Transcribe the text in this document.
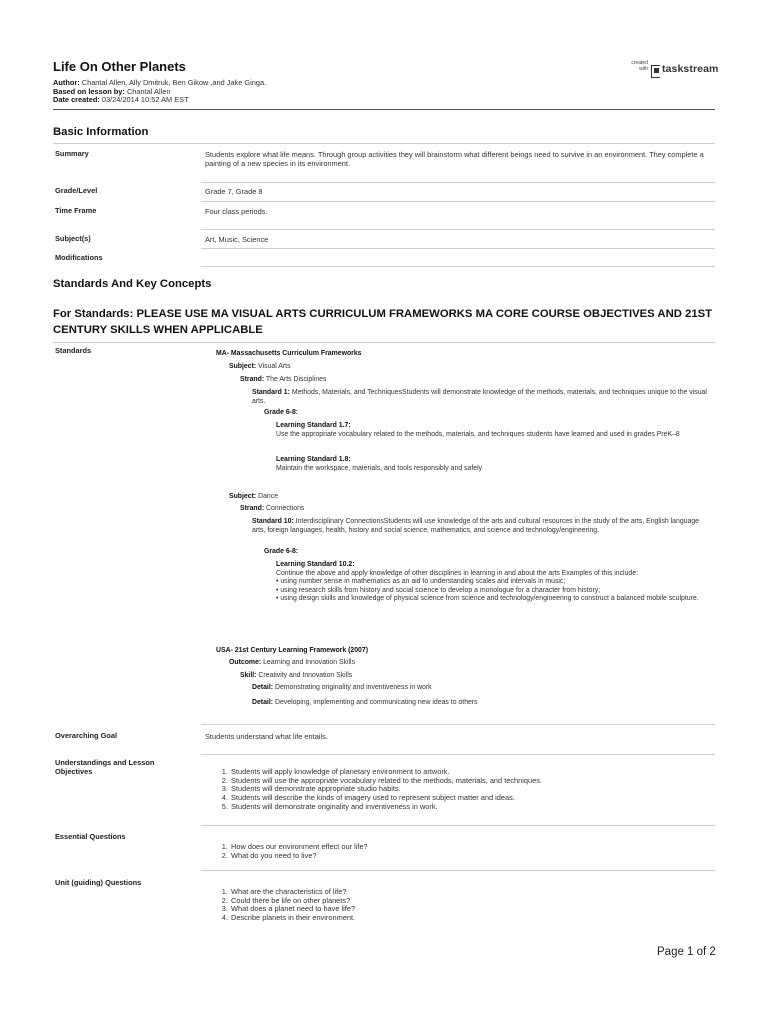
Life On Other Planets
Author: Chantal Allen, Ally Dmitruk, Ben Gikow ,and Jake Ginga.
Based on lesson by: Chantal Allen
Date created: 03/24/2014 10:52 AM EST
created
with taskstream
Basic Information
Summary	Students explore what life means. Through group activities they will brainstorm what different beings need to survive in an environment. They complete a painting of a new species in its environment.
Grade/Level	Grade 7, Grade 8
Time Frame	Four class periods.
Subject(s)	Art, Music, Science
Modifications
Standards And Key Concepts
For Standards: PLEASE USE MA VISUAL ARTS CURRICULUM FRAMEWORKS MA CORE COURSE OBJECTIVES AND 21ST CENTURY SKILLS WHEN APPLICABLE
Standards	MA- Massachusetts Curriculum Frameworks
Subject: Visual Arts
Strand: The Arts Disciplines
Standard 1: Methods, Materials, and TechniquesStudents will demonstrate knowledge of the methods, materials, and techniques unique to the visual arts.
Grade 6-8:
Learning Standard 1.7:
Use the appropriate vocabulary related to the methods, materials, and techniques students have learned and used in grades PreK–8
Learning Standard 1.8:
Maintain the workspace, materials, and tools responsibly and safely
Subject: Dance
Strand: Connections
Standard 10: Interdisciplinary ConnectionsStudents will use knowledge of the arts and cultural resources in the study of the arts, English language arts, foreign languages, health, history and social science, mathematics, and science and technology/engineering.
Grade 6-8:
Learning Standard 10.2:
Continue the above and apply knowledge of other disciplines in learning in and about the arts Examples of this include:
• using number sense in mathematics as an aid to understanding scales and intervals in music;
• using research skills from history and social science to develop a monologue for a character from history;
• using design skills and knowledge of physical science from science and technology/engineering to construct a balanced mobile sculpture.
USA- 21st Century Learning Framework (2007)
Outcome: Learning and Innovation Skills
Skill: Creativity and Innovation Skills
Detail: Demonstrating originality and inventiveness in work
Detail: Developing, implementing and communicating new ideas to others
Overarching Goal	Students understand what life entails.
Understandings and Lesson Objectives
1.	Students will apply knowledge of planetary environment to artwork.
2. Students will use the appropriate vocabulary related to the methods, materials, and techniques.
3. Students will demonstrate appropriate studio habits.
4. Students will describe the kinds of imagery used to represent subject matter and ideas.
5. Students will demonstrate originality and inventiveness in work.
Essential Questions
1. How does our environment effect our life?
2. What do you need to live?
Unit (guiding) Questions
1. What are the characteristics of life?
2. Could there be life on other planets?
3. What does a planet need to have life?
4. Describe planets in their environment.
Page 1 of 2
